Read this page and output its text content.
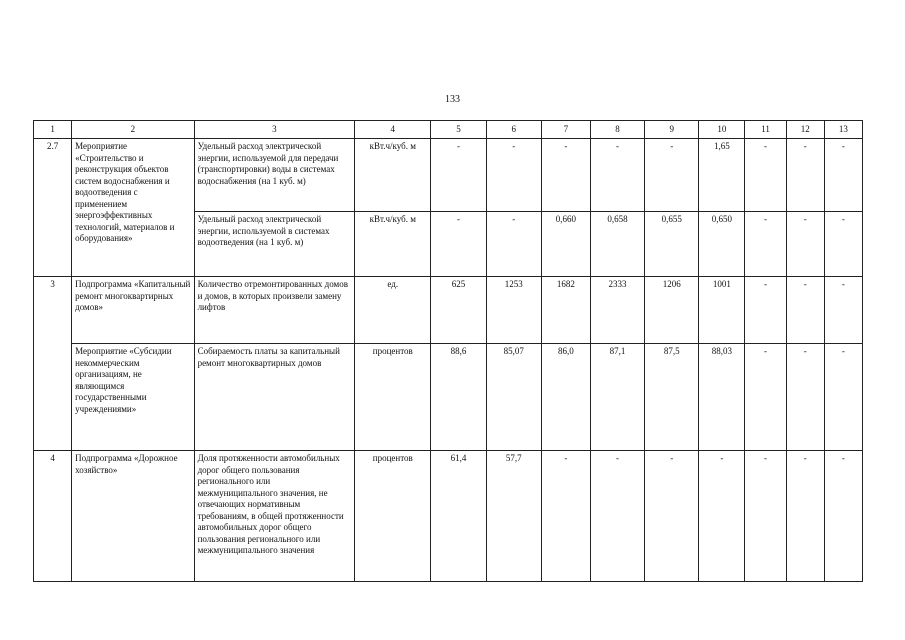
133
1	2	3	4	5	6	7	8	9	10	11	12	13
2.7	Мероприятие «Строительство и реконструкция объектов систем водоснабжения и водоотведения с применением энергоэффективных технологий, материалов и оборудования»	Удельный расход электрической энергии, используемой для передачи (транспортировки) воды в системах водоснабжения (на 1 куб. м)	кВт.ч/куб. м	-	-	-	-	-	1,65	-	-	-
		Удельный расход электрической энергии, используемой в системах водоотведения (на 1 куб. м)	кВт.ч/куб. м	-	-	0,660	0,658	0,655	0,650	-	-	-
3	Подпрограмма «Капитальный ремонт многоквартирных домов»	Количество отремонтированных домов и домов, в которых произвели замену лифтов	ед.	625	1253	1682	2333	1206	1001	-	-	-
	Мероприятие «Субсидии некоммерческим организациям, не являющимся государственными учреждениями»	Собираемость платы за капитальный ремонт многоквартирных домов	процентов	88,6	85,07	86,0	87,1	87,5	88,03	-	-	-
4	Подпрограмма «Дорожное хозяйство»	Доля протяженности автомобильных дорог общего пользования регионального или межмуниципального значения, не отвечающих нормативным требованиям, в общей протяженности автомобильных дорог общего пользования регионального или межмуниципального значения	процентов	61,4	57,7	-	-	-	-	-	-	-
